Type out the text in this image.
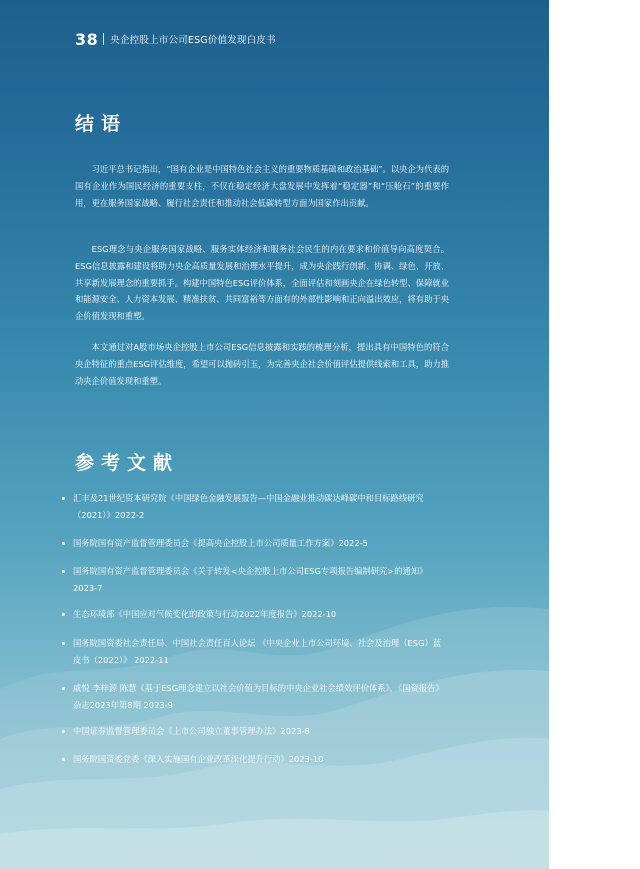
38 央企控股上市公司ESG价值发现白皮书
结语

习近平总书记指出，“国有企业是中国特色社会主义的重要物质基础和政治基础”。以央企为代表的国有企业作为国民经济的重要支柱，不仅在稳定经济大盘发展中发挥着“稳定器”和“压舱石”的重要作用，更在服务国家战略、履行社会责任和推动社会低碳转型方面为国家作出贡献。

ESG理念与央企服务国家战略、服务实体经济和服务社会民生的内在要求和价值导向高度契合。ESG信息披露和建设将助力央企高质量发展和治理水平提升，成为央企践行创新、协调、绿色、开放、共享新发展理念的重要抓手。构建中国特色ESG评价体系，全面评估和刻画央企在绿色转型、保障就业和能源安全、人力资本发展、精准扶贫、共同富裕等方面有的外部性影响和正向溢出效应，将有助于央企价值发现和重塑。

本文通过对A股市场央企控股上市公司ESG信息披露和实践的梳理分析，提出具有中国特色的符合央企特征的重点ESG评估维度，希望可以抛砖引玉，为完善央企社会价值评估提供线索和工具，助力推动央企价值发现和重塑。

参考文献
汇丰及21世纪资本研究院《中国绿色金融发展报告—中国金融业推动碳达峰碳中和目标路线研究（2021）》2022-2
国务院国有资产监督管理委员会《提高央企控股上市公司质量工作方案》2022-5
国务院国有资产监督管理委员会《关于转发<央企控股上市公司ESG专项报告编制研究>的通知》 2023-7
生态环境部《中国应对气候变化的政策与行动2022年度报告》2022-10
国务院国资委社会责任局、中国社会责任百人论坛 《中央企业上市公司环境、社会及治理（ESG）蓝皮书（2022）》 2022-11
戚悦 李梓源 陈慧《基于ESG理念建立以社会价值为目标的中央企业社会绩效评价体系》，《国资报告》杂志2023年第8期 2023-9
中国证券监督管理委员会《上市公司独立董事管理办法》2023-8
国务院国资委党委《深入实施国有企业改革深化提升行动》2023-10
